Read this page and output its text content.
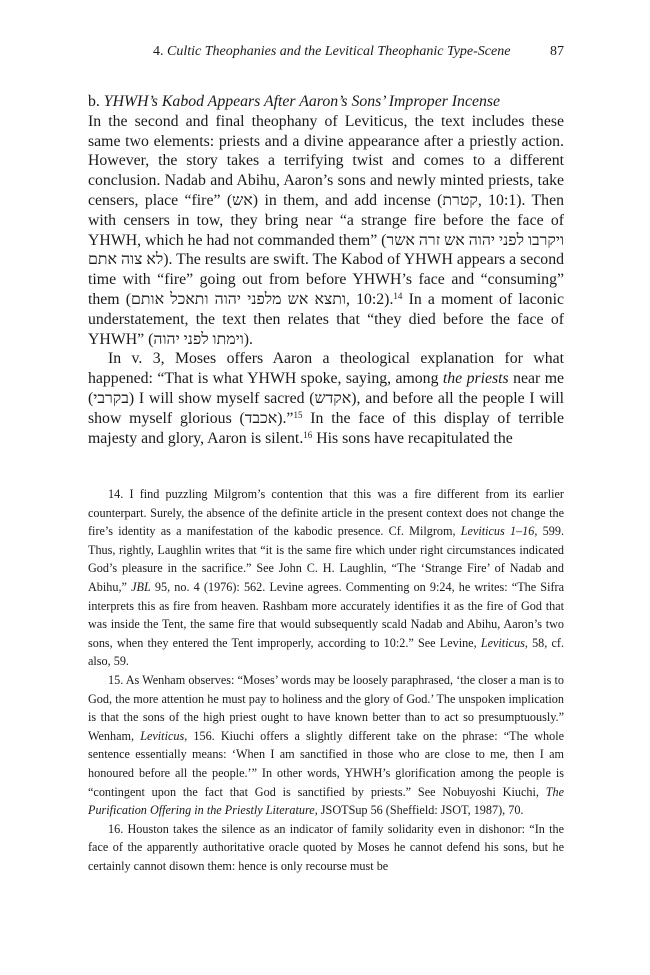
4. Cultic Theophanies and the Levitical Theophanic Type-Scene	87
b. YHWH’s Kabod Appears After Aaron’s Sons’ Improper Incense

In the second and final theophany of Leviticus, the text includes these same two elements: priests and a divine appearance after a priestly action. However, the story takes a terrifying twist and comes to a different conclusion. Nadab and Abihu, Aaron’s sons and newly minted priests, take censers, place “fire” (אש) in them, and add incense (קטרת, 10:1). Then with censers in tow, they bring near “a strange fire before the face of YHWH, which he had not commanded them” (ויקרבו לפני יהוה אש זרה אשר לא צוה אתם). The results are swift. The Kabod of YHWH appears a second time with “fire” going out from before YHWH’s face and “consuming” them (ותצא אש מלפני יהוה ותאכל אותם, 10:2).$^{14}$ In a moment of laconic understatement, the text then relates that “they died before the face of YHWH” (וימתו לפני יהוה).

In v. 3, Moses offers Aaron a theological explanation for what happened: “That is what YHWH spoke, saying, among the priests near me (בקרבי) I will show myself sacred (אקדש), and before all the people I will show myself glorious (אכבד).”$^{15}$ In the face of this display of terrible majesty and glory, Aaron is silent.$^{16}$ His sons have recapitulated the

14. I find puzzling Milgrom’s contention that this was a fire different from its earlier counterpart. Surely, the absence of the definite article in the present context does not change the fire’s identity as a manifestation of the kabodic presence. Cf. Milgrom, Leviticus 1–16, 599. Thus, rightly, Laughlin writes that “it is the same fire which under right circumstances indicated God’s pleasure in the sacrifice.” See John C. H. Laughlin, “The ‘Strange Fire’ of Nadab and Abihu,” JBL 95, no. 4 (1976): 562. Levine agrees. Commenting on 9:24, he writes: “The Sifra interprets this as fire from heaven. Rashbam more accurately identifies it as the fire of God that was inside the Tent, the same fire that would subsequently scald Nadab and Abihu, Aaron’s two sons, when they entered the Tent improperly, according to 10:2.” See Levine, Leviticus, 58, cf. also, 59.

15. As Wenham observes: “Moses’ words may be loosely paraphrased, ‘the closer a man is to God, the more attention he must pay to holiness and the glory of God.’ The unspoken implication is that the sons of the high priest ought to have known better than to act so presumptuously.” Wenham, Leviticus, 156. Kiuchi offers a slightly different take on the phrase: “The whole sentence essentially means: ‘When I am sanctified in those who are close to me, then I am honoured before all the people.’” In other words, YHWH’s glorification among the people is “contingent upon the fact that God is sanctified by priests.” See Nobuyoshi Kiuchi, The Purification Offering in the Priestly Literature, JSOTSup 56 (Sheffield: JSOT, 1987), 70.

16. Houston takes the silence as an indicator of family solidarity even in dishonor: “In the face of the apparently authoritative oracle quoted by Moses he cannot defend his sons, but he certainly cannot disown them: hence is only recourse must be
